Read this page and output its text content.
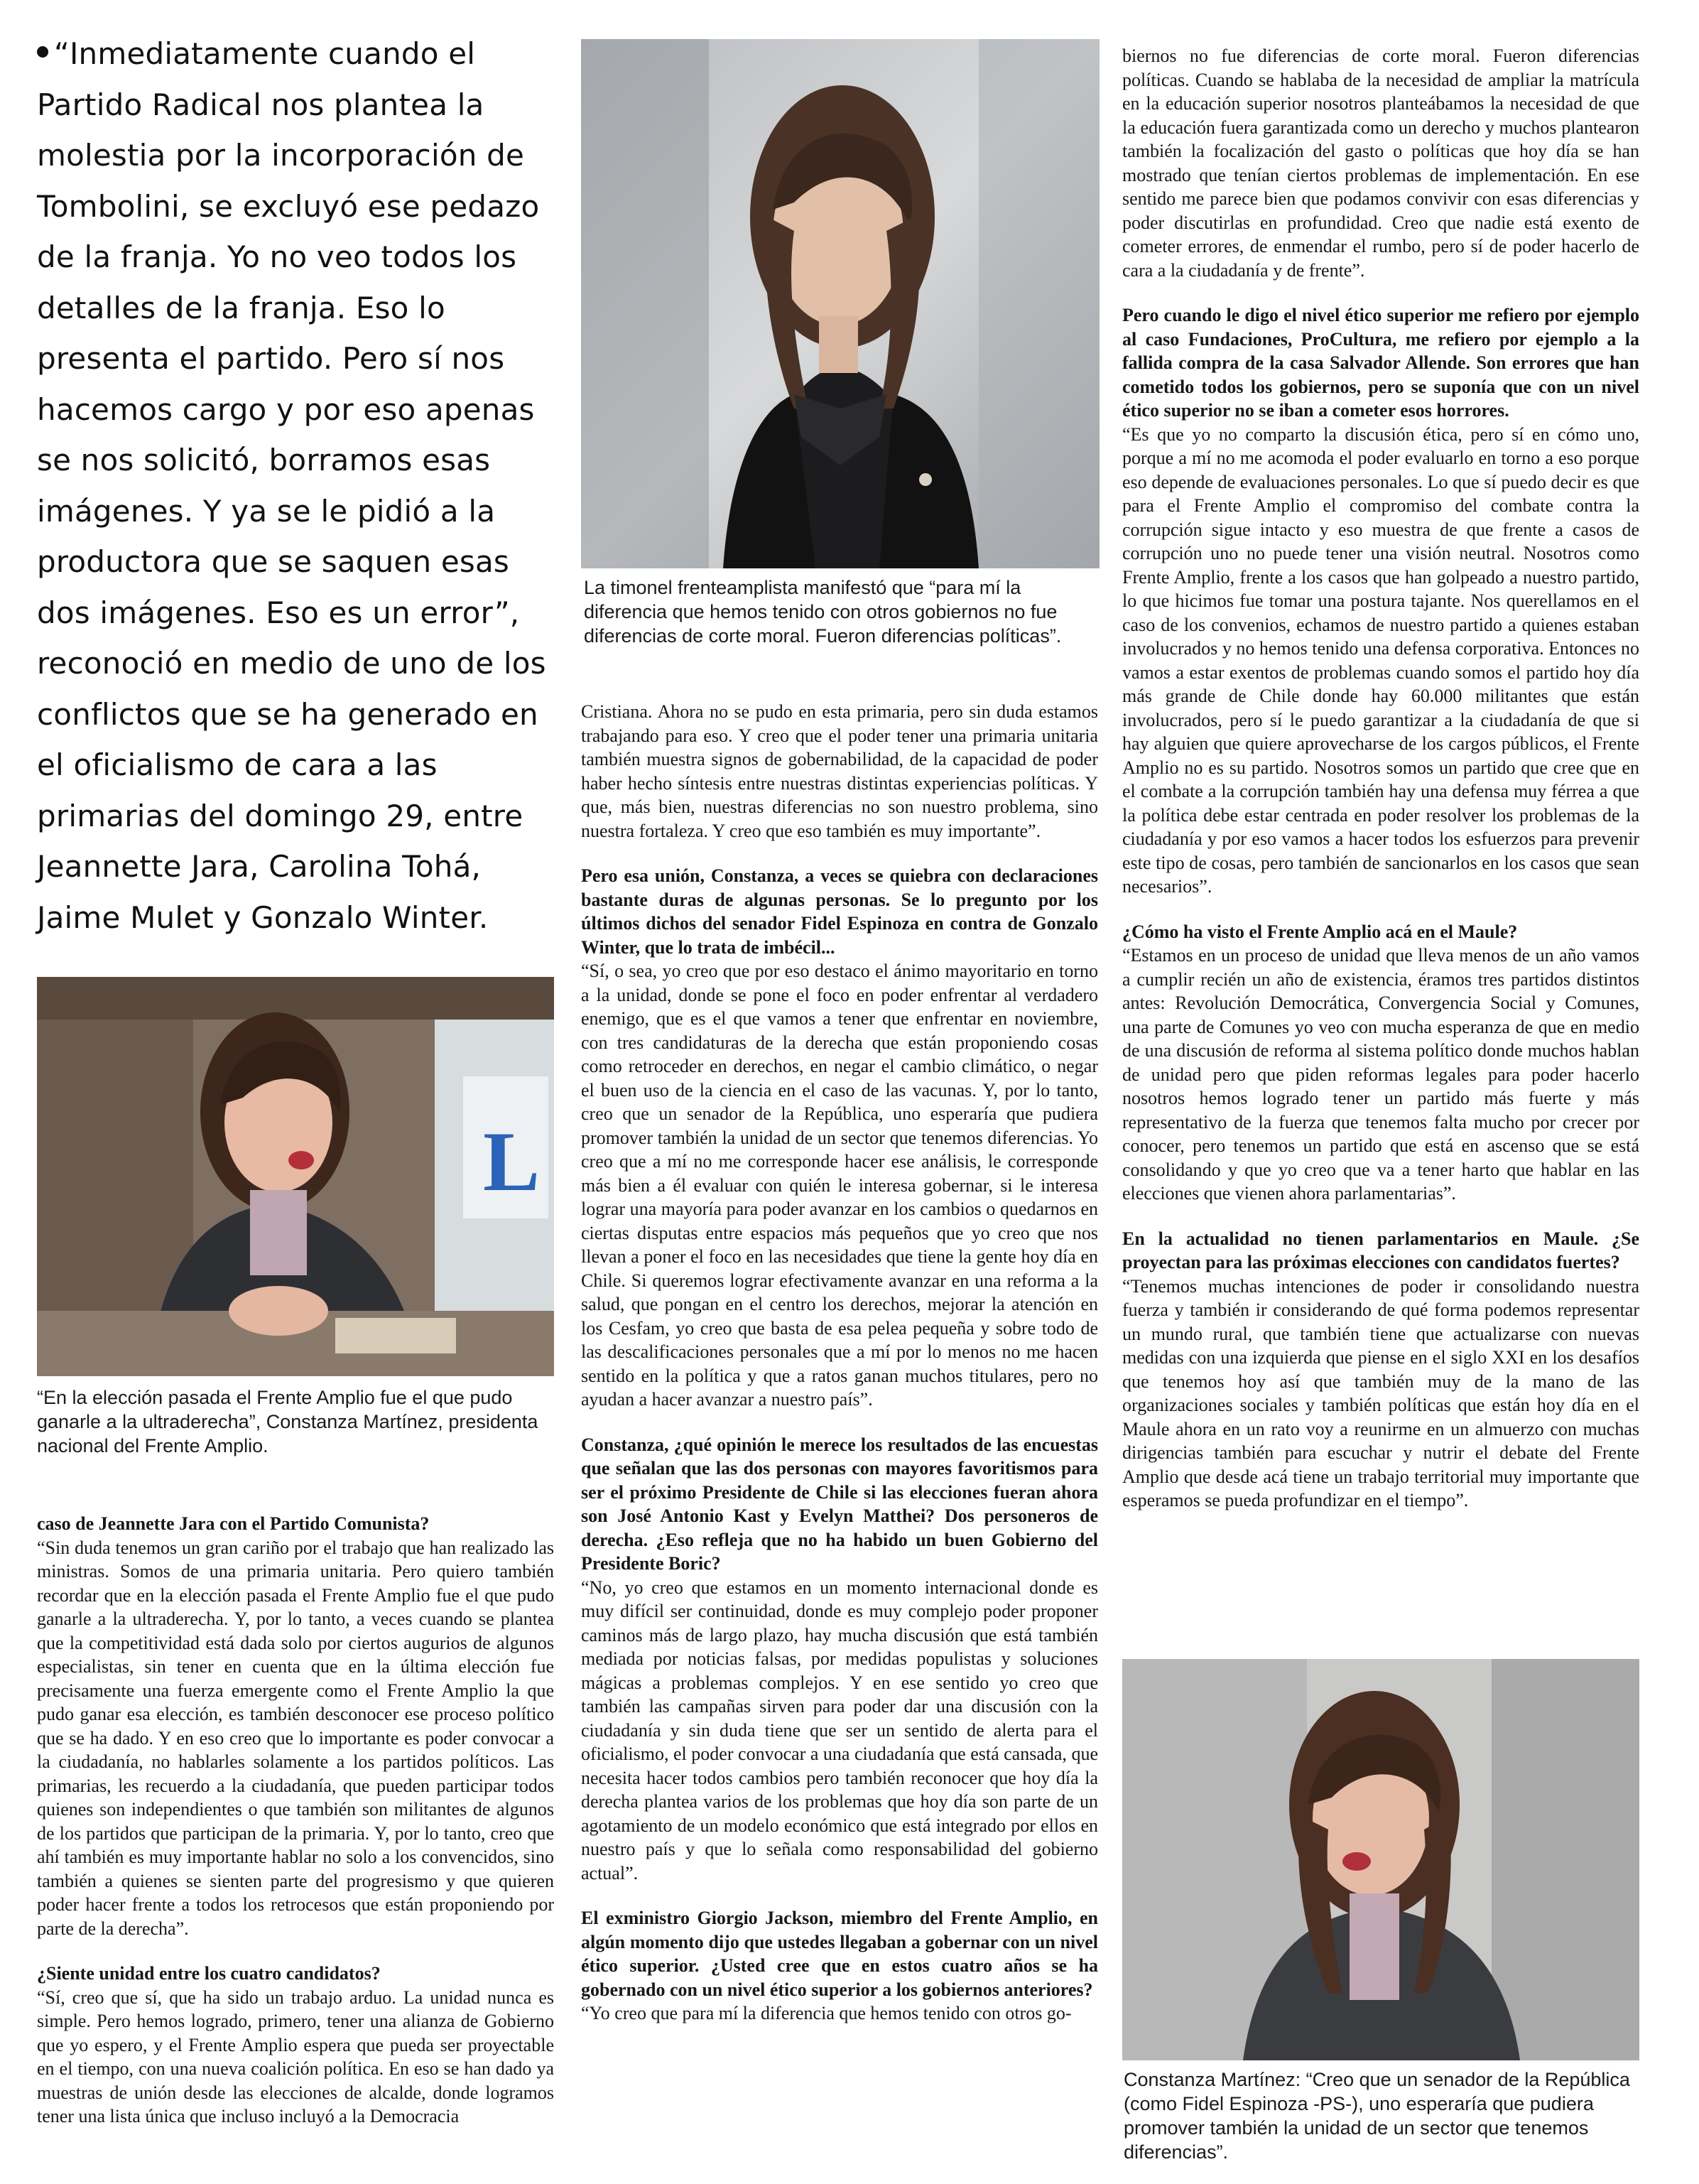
“Inmediatamente cuando el Partido Radical nos plantea la molestia por la incorporación de Tombolini, se excluyó ese pedazo de la franja. Yo no veo todos los detalles de la franja. Eso lo presenta el partido. Pero sí nos hacemos cargo y por eso apenas se nos solicitó, borramos esas imágenes. Y ya se le pidió a la productora que se saquen esas dos imágenes. Eso es un error”, reconoció en medio de uno de los conflictos que se ha generado en el oficialismo de cara a las primarias del domingo 29, entre Jeannette Jara, Carolina Tohá, Jaime Mulet y Gonzalo Winter.
La timonel frenteamplista manifestó que “para mí la diferencia que hemos tenido con otros gobiernos no fue diferencias de corte moral. Fueron diferencias políticas”.
L
“En la elección pasada el Frente Amplio fue el que pudo ganarle a la ultraderecha”, Constanza Martínez, presidenta nacional del Frente Amplio.
Constanza Martínez: “Creo que un senador de la República (como Fidel Espinoza -PS-), uno esperaría que pudiera promover también la unidad de un sector que tenemos diferencias”.

caso de Jeannette Jara con el Partido Comunista?

“Sin duda tenemos un gran cariño por el trabajo que han realizado las ministras. Somos de una primaria unitaria. Pero quiero también recordar que en la elección pasada el Frente Amplio fue el que pudo ganarle a la ultraderecha. Y, por lo tanto, a veces cuando se plantea que la competitividad está dada solo por ciertos augurios de algunos especialistas, sin tener en cuenta que en la última elección fue precisamente una fuerza emergente como el Frente Amplio la que pudo ganar esa elección, es también desconocer ese proceso político que se ha dado. Y en eso creo que lo importante es poder convocar a la ciudadanía, no hablarles solamente a los partidos políticos. Las primarias, les recuerdo a la ciudadanía, que pueden participar todos quienes son independientes o que también son militantes de algunos de los partidos que participan de la primaria. Y, por lo tanto, creo que ahí también es muy importante hablar no solo a los convencidos, sino también a quienes se sienten parte del progresismo y que quieren poder hacer frente a todos los retrocesos que están proponiendo por parte de la derecha”.

¿Siente unidad entre los cuatro candidatos?

“Sí, creo que sí, que ha sido un trabajo arduo. La unidad nunca es simple. Pero hemos logrado, primero, tener una alianza de Gobierno que yo espero, y el Frente Amplio espera que pueda ser proyectable en el tiempo, con una nueva coalición política. En eso se han dado ya muestras de unión desde las elecciones de alcalde, donde logramos tener una lista única que incluso incluyó a la Democracia

Cristiana. Ahora no se pudo en esta primaria, pero sin duda estamos trabajando para eso. Y creo que el poder tener una primaria unitaria también muestra signos de gobernabilidad, de la capacidad de poder haber hecho síntesis entre nuestras distintas experiencias políticas. Y que, más bien, nuestras diferencias no son nuestro problema, sino nuestra fortaleza. Y creo que eso también es muy importante”.

Pero esa unión, Constanza, a veces se quiebra con declaraciones bastante duras de algunas personas. Se lo pregunto por los últimos dichos del senador Fidel Espinoza en contra de Gonzalo Winter, que lo trata de imbécil...

“Sí, o sea, yo creo que por eso destaco el ánimo mayoritario en torno a la unidad, donde se pone el foco en poder enfrentar al verdadero enemigo, que es el que vamos a tener que enfrentar en noviembre, con tres candidaturas de la derecha que están proponiendo cosas como retroceder en derechos, en negar el cambio climático, o negar el buen uso de la ciencia en el caso de las vacunas. Y, por lo tanto, creo que un senador de la República, uno esperaría que pudiera promover también la unidad de un sector que tenemos diferencias. Yo creo que a mí no me corresponde hacer ese análisis, le corresponde más bien a él evaluar con quién le interesa gobernar, si le interesa lograr una mayoría para poder avanzar en los cambios o quedarnos en ciertas disputas entre espacios más pequeños que yo creo que nos llevan a poner el foco en las necesidades que tiene la gente hoy día en Chile. Si queremos lograr efectivamente avanzar en una reforma a la salud, que pongan en el centro los derechos, mejorar la atención en los Cesfam, yo creo que basta de esa pelea pequeña y sobre todo de las descalificaciones personales que a mí por lo menos no me hacen sentido en la política y que a ratos ganan muchos titulares, pero no ayudan a hacer avanzar a nuestro país”.

Constanza, ¿qué opinión le merece los resultados de las encuestas que señalan que las dos personas con mayores favoritismos para ser el próximo Presidente de Chile si las elecciones fueran ahora son José Antonio Kast y Evelyn Matthei? Dos personeros de derecha. ¿Eso refleja que no ha habido un buen Gobierno del Presidente Boric?

“No, yo creo que estamos en un momento internacional donde es muy difícil ser continuidad, donde es muy complejo poder proponer caminos más de largo plazo, hay mucha discusión que está también mediada por noticias falsas, por medidas populistas y soluciones mágicas a problemas complejos. Y en ese sentido yo creo que también las campañas sirven para poder dar una discusión con la ciudadanía y sin duda tiene que ser un sentido de alerta para el oficialismo, el poder convocar a una ciudadanía que está cansada, que necesita hacer todos cambios pero también reconocer que hoy día la derecha plantea varios de los problemas que hoy día son parte de un agotamiento de un modelo económico que está integrado por ellos en nuestro país y que lo señala como responsabilidad del gobierno actual”.

El exministro Giorgio Jackson, miembro del Frente Amplio, en algún momento dijo que ustedes llegaban a gobernar con un nivel ético superior. ¿Usted cree que en estos cuatro años se ha gobernado con un nivel ético superior a los gobiernos anteriores?

“Yo creo que para mí la diferencia que hemos tenido con otros go-

biernos no fue diferencias de corte moral. Fueron diferencias políticas. Cuando se hablaba de la necesidad de ampliar la matrícula en la educación superior nosotros planteábamos la necesidad de que la educación fuera garantizada como un derecho y muchos plantearon también la focalización del gasto o políticas que hoy día se han mostrado que tenían ciertos problemas de implementación. En ese sentido me parece bien que podamos convivir con esas diferencias y poder discutirlas en profundidad. Creo que nadie está exento de cometer errores, de enmendar el rumbo, pero sí de poder hacerlo de cara a la ciudadanía y de frente”.

Pero cuando le digo el nivel ético superior me refiero por ejemplo al caso Fundaciones, ProCultura, me refiero por ejemplo a la fallida compra de la casa Salvador Allende. Son errores que han cometido todos los gobiernos, pero se suponía que con un nivel ético superior no se iban a cometer esos horrores.

“Es que yo no comparto la discusión ética, pero sí en cómo uno, porque a mí no me acomoda el poder evaluarlo en torno a eso porque eso depende de evaluaciones personales. Lo que sí puedo decir es que para el Frente Amplio el compromiso del combate contra la corrupción sigue intacto y eso muestra de que frente a casos de corrupción uno no puede tener una visión neutral. Nosotros como Frente Amplio, frente a los casos que han golpeado a nuestro partido, lo que hicimos fue tomar una postura tajante. Nos querellamos en el caso de los convenios, echamos de nuestro partido a quienes estaban involucrados y no hemos tenido una defensa corporativa. Entonces no vamos a estar exentos de problemas cuando somos el partido hoy día más grande de Chile donde hay 60.000 militantes que están involucrados, pero sí le puedo garantizar a la ciudadanía de que si hay alguien que quiere aprovecharse de los cargos públicos, el Frente Amplio no es su partido. Nosotros somos un partido que cree que en el combate a la corrupción también hay una defensa muy férrea a que la política debe estar centrada en poder resolver los problemas de la ciudadanía y por eso vamos a hacer todos los esfuerzos para prevenir este tipo de cosas, pero también de sancionarlos en los casos que sean necesarios”.

¿Cómo ha visto el Frente Amplio acá en el Maule?

“Estamos en un proceso de unidad que lleva menos de un año vamos a cumplir recién un año de existencia, éramos tres partidos distintos antes: Revolución Democrática, Convergencia Social y Comunes, una parte de Comunes yo veo con mucha esperanza de que en medio de una discusión de reforma al sistema político donde muchos hablan de unidad pero que piden reformas legales para poder hacerlo nosotros hemos logrado tener un partido más fuerte y más representativo de la fuerza que tenemos falta mucho por crecer por conocer, pero tenemos un partido que está en ascenso que se está consolidando y que yo creo que va a tener harto que hablar en las elecciones que vienen ahora parlamentarias”.

En la actualidad no tienen parlamentarios en Maule. ¿Se proyectan para las próximas elecciones con candidatos fuertes?

“Tenemos muchas intenciones de poder ir consolidando nuestra fuerza y también ir considerando de qué forma podemos representar un mundo rural, que también tiene que actualizarse con nuevas medidas con una izquierda que piense en el siglo XXI en los desafíos que tenemos hoy así que también muy de la mano de las organizaciones sociales y también políticas que están hoy día en el Maule ahora en un rato voy a reunirme en un almuerzo con muchas dirigencias también para escuchar y nutrir el debate del Frente Amplio que desde acá tiene un trabajo territorial muy importante que esperamos se pueda profundizar en el tiempo”.
